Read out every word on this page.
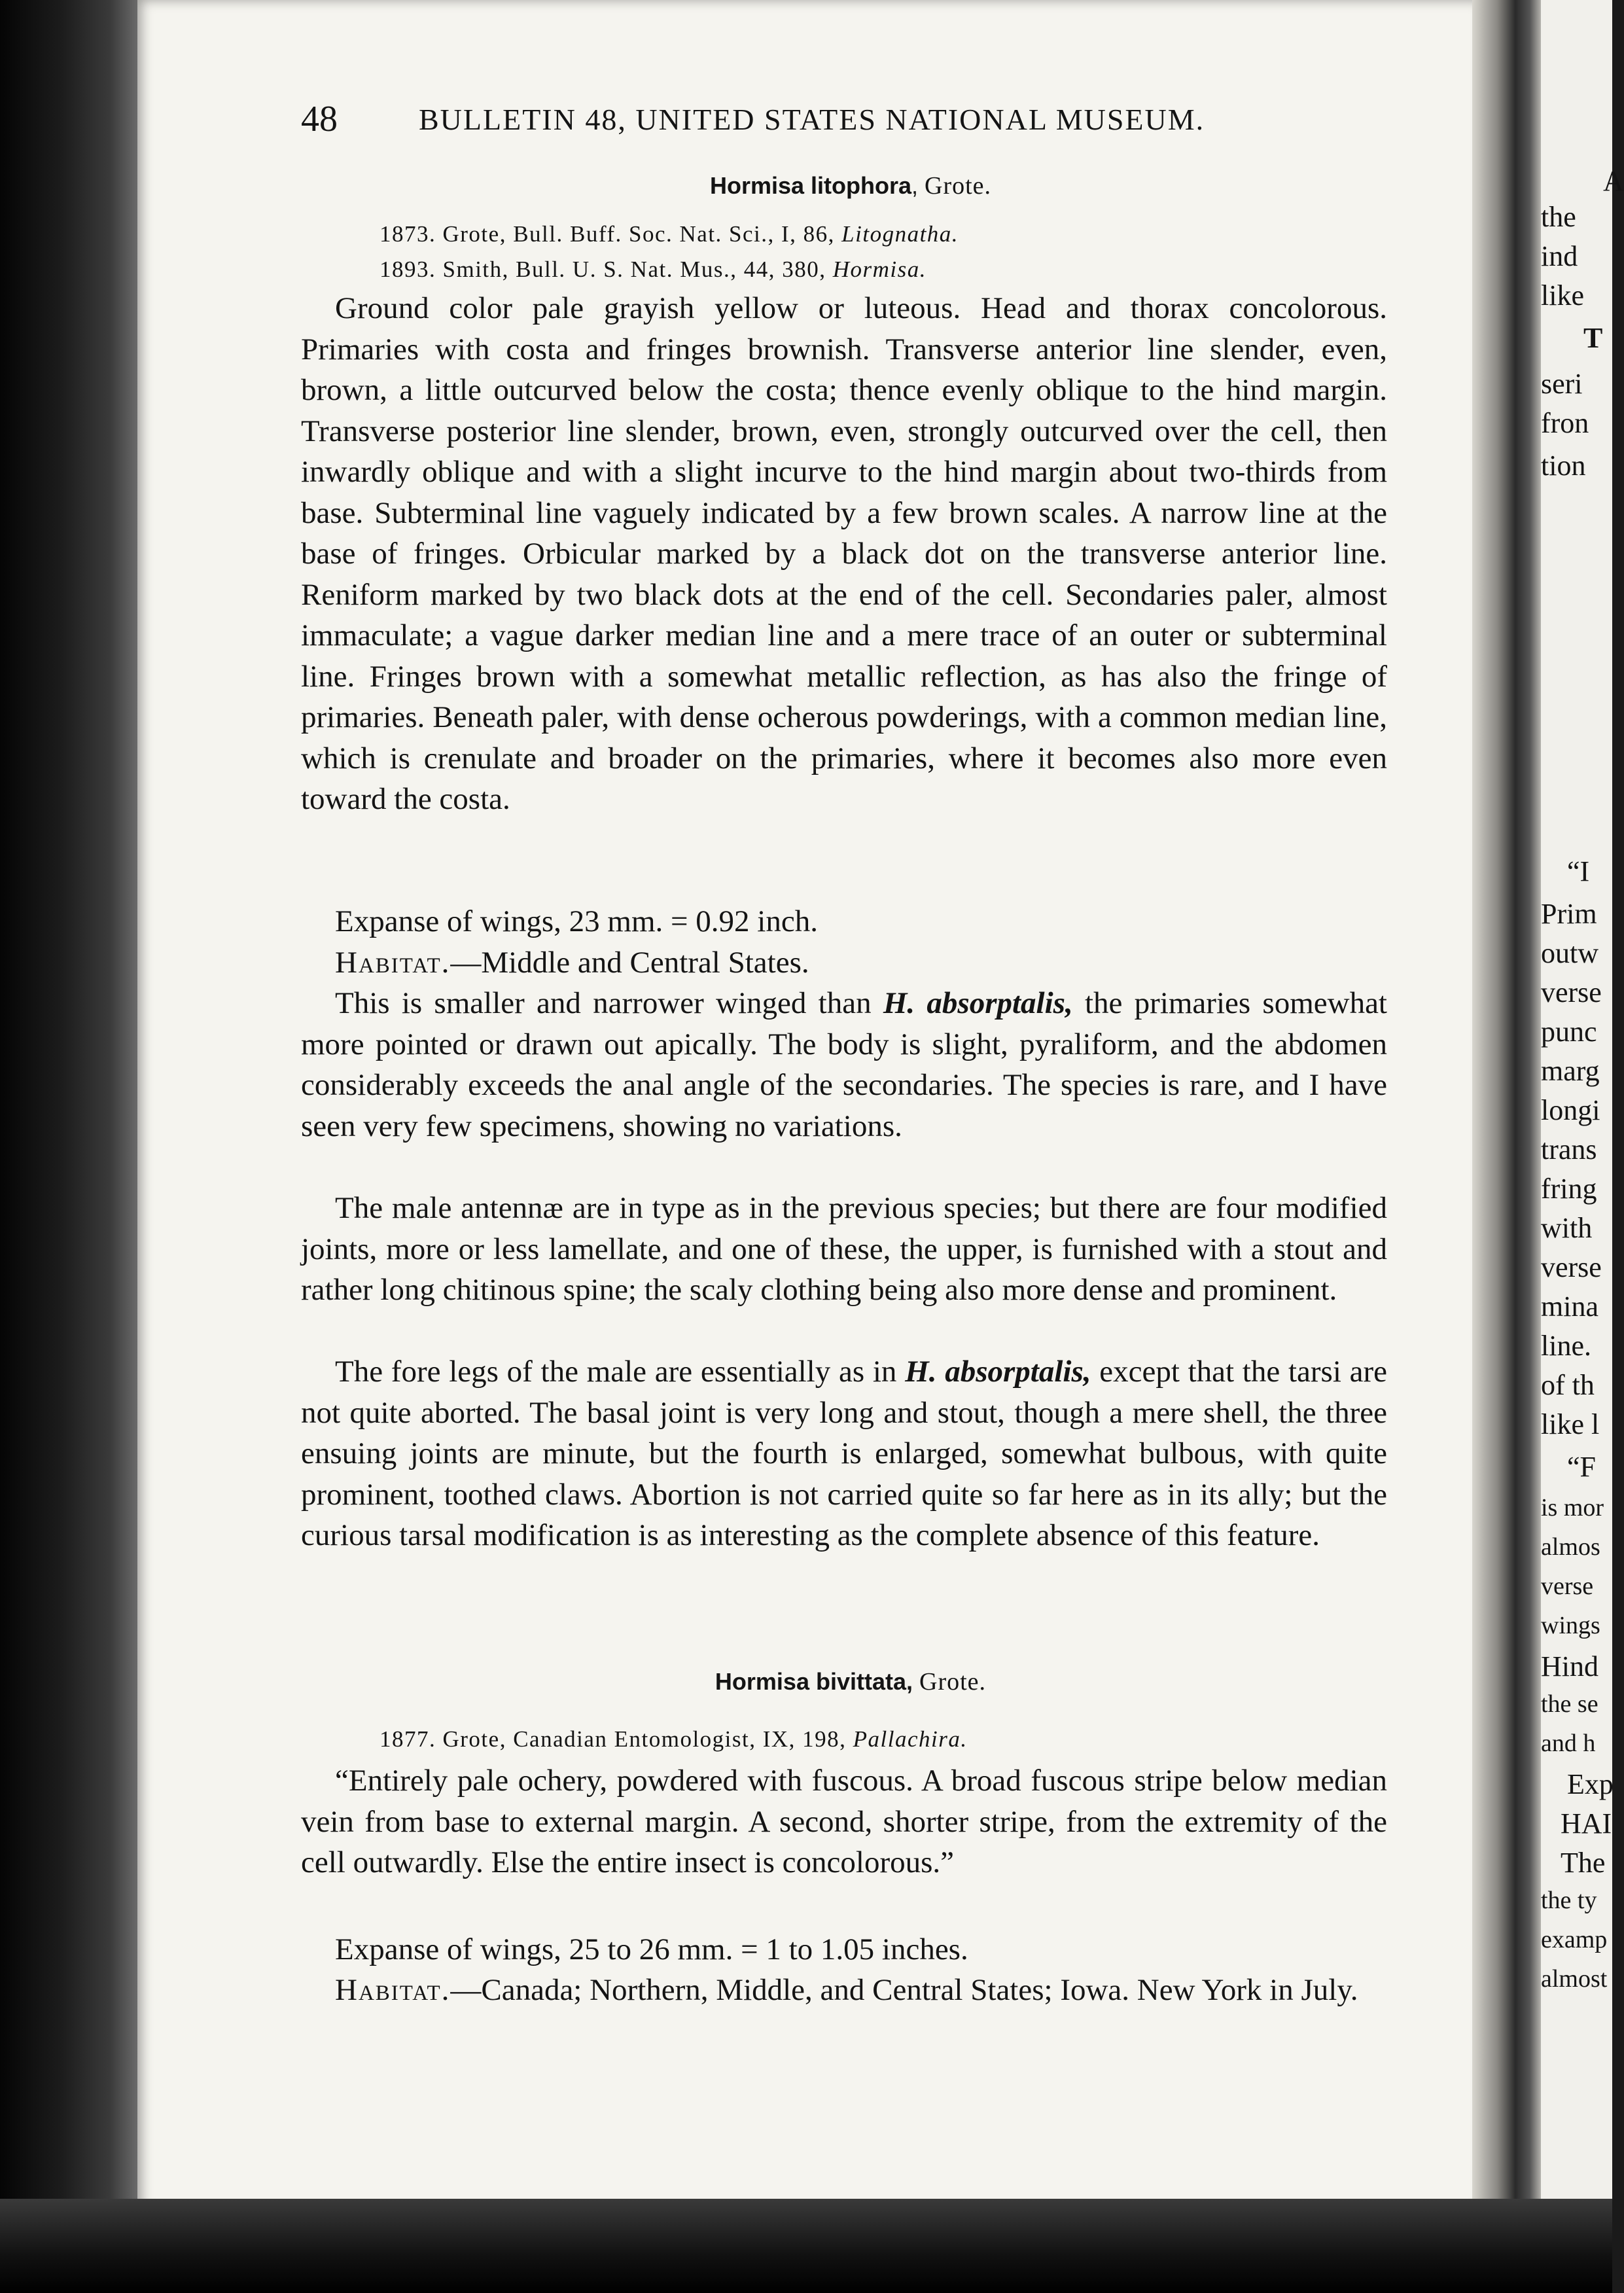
48	BULLETIN 48, UNITED STATES NATIONAL MUSEUM.
Hormisa litophora, Grote.
1873. Grote, Bull. Buff. Soc. Nat. Sci., I, 86, Litognatha.
1893. Smith, Bull. U. S. Nat. Mus., 44, 380, Hormisa.

Ground color pale grayish yellow or luteous. Head and thorax concolorous. Primaries with costa and fringes brownish. Transverse anterior line slender, even, brown, a little outcurved below the costa; thence evenly oblique to the hind margin. Transverse posterior line slender, brown, even, strongly outcurved over the cell, then inwardly oblique and with a slight incurve to the hind margin about two-thirds from base. Subterminal line vaguely indicated by a few brown scales. A narrow line at the base of fringes. Orbicular marked by a black dot on the transverse anterior line. Reniform marked by two black dots at the end of the cell. Secondaries paler, almost immaculate; a vague darker median line and a mere trace of an outer or subterminal line. Fringes brown with a somewhat metallic reflection, as has also the fringe of primaries. Beneath paler, with dense ocherous powderings, with a common median line, which is crenulate and broader on the primaries, where it becomes also more even toward the costa.

Expanse of wings, 23 mm. = 0.92 inch.

Habitat.—Middle and Central States.

This is smaller and narrower winged than H. absorptalis, the primaries somewhat more pointed or drawn out apically. The body is slight, pyraliform, and the abdomen considerably exceeds the anal angle of the secondaries. The species is rare, and I have seen very few specimens, showing no variations.

The male antennæ are in type as in the previous species; but there are four modified joints, more or less lamellate, and one of these, the upper, is furnished with a stout and rather long chitinous spine; the scaly clothing being also more dense and prominent.

The fore legs of the male are essentially as in H. absorptalis, except that the tarsi are not quite aborted. The basal joint is very long and stout, though a mere shell, the three ensuing joints are minute, but the fourth is enlarged, somewhat bulbous, with quite prominent, toothed claws. Abortion is not carried quite so far here as in its ally; but the curious tarsal modification is as interesting as the complete absence of this feature.

Hormisa bivittata, Grote.
1877. Grote, Canadian Entomologist, IX, 198, Pallachira.

“Entirely pale ochery, powdered with fuscous. A broad fuscous stripe below median vein from base to external margin. A second, shorter stripe, from the extremity of the cell outwardly. Else the entire insect is concolorous.”

Expanse of wings, 25 to 26 mm. = 1 to 1.05 inches.

Habitat.—Canada; Northern, Middle, and Central States; Iowa. New York in July.

A
the
ind
like
T
seri
fron
tion
“I
Prim
outw
verse
punc
marg
longi
trans
fring
with
verse
mina
line.
of th
like l
“F
is mor
almos
verse
wings
Hind
the se
and h
Exp
HAI
The
the ty
examp
almost
